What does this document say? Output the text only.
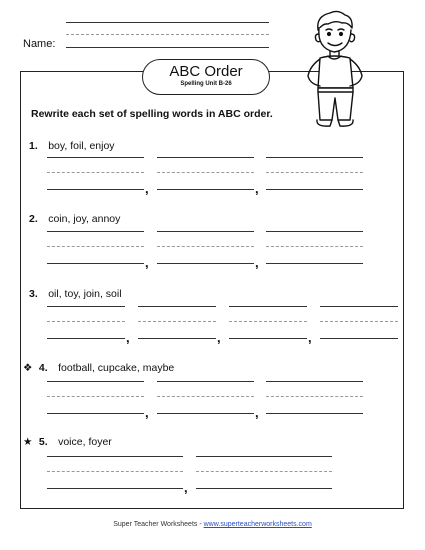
Name:
ABC Order
Spelling Unit B-26
Rewrite each set of spelling words in ABC order.
1. boy, foil, enjoy
,	,
2. coin, joy, annoy
,	,
3. oil, toy, join, soil
,	,	,
❖ 4. football, cupcake, maybe
,	,
★ 5. voice, foyer
,
Super Teacher Worksheets - www.superteacherworksheets.com
